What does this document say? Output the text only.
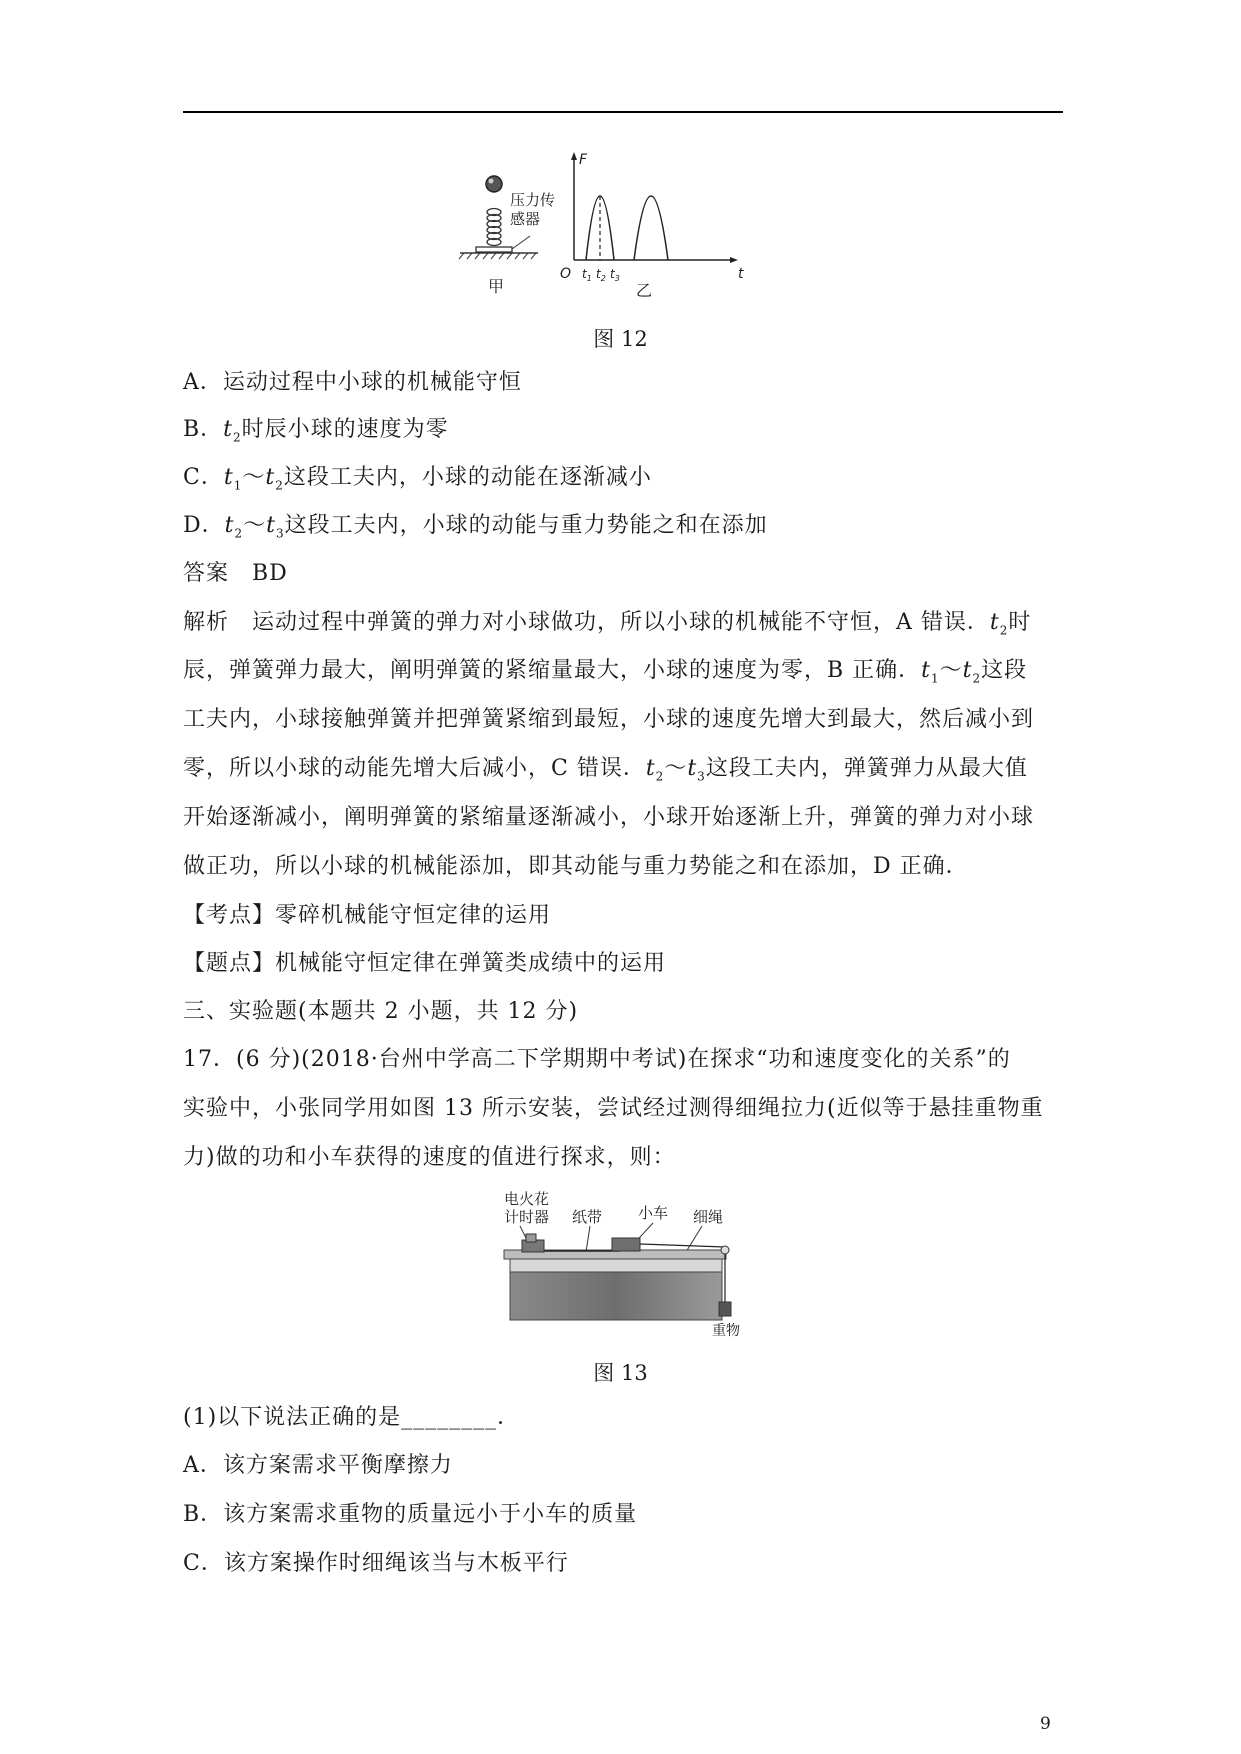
压力传
感器
甲
F
t
O $t_1$ $t_2$ $t_3$
乙
图 12
A．运动过程中小球的机械能守恒
B．$t_2$时辰小球的速度为零
C．$t_1\sim t_2$这段工夫内，小球的动能在逐渐减小
D．$t_2\sim t_3$这段工夫内，小球的动能与重力势能之和在添加
答案　BD
解析　运动过程中弹簧的弹力对小球做功，所以小球的机械能不守恒，A 错误．$t_2$时
辰，弹簧弹力最大，阐明弹簧的紧缩量最大，小球的速度为零，B 正确．$t_1\sim t_2$这段
工夫内，小球接触弹簧并把弹簧紧缩到最短，小球的速度先增大到最大，然后减小到
零，所以小球的动能先增大后减小，C 错误．$t_2\sim t_3$这段工夫内，弹簧弹力从最大值
开始逐渐减小，阐明弹簧的紧缩量逐渐减小，小球开始逐渐上升，弹簧的弹力对小球
做正功，所以小球的机械能添加，即其动能与重力势能之和在添加，D 正确．
【考点】零碎机械能守恒定律的运用
【题点】机械能守恒定律在弹簧类成绩中的运用
三、实验题(本题共 2 小题，共 12 分)
17．(6 分)(2018·台州中学高二下学期期中考试)在探求“功和速度变化的关系”的
实验中，小张同学用如图 13 所示安装，尝试经过测得细绳拉力(近似等于悬挂重物重
力)做的功和小车获得的速度的值进行探求，则：
电火花
计时器 纸带 小车 细绳
重物
图 13
(1)以下说法正确的是________．
A．该方案需求平衡摩擦力
B．该方案需求重物的质量远小于小车的质量
C．该方案操作时细绳该当与木板平行
9
